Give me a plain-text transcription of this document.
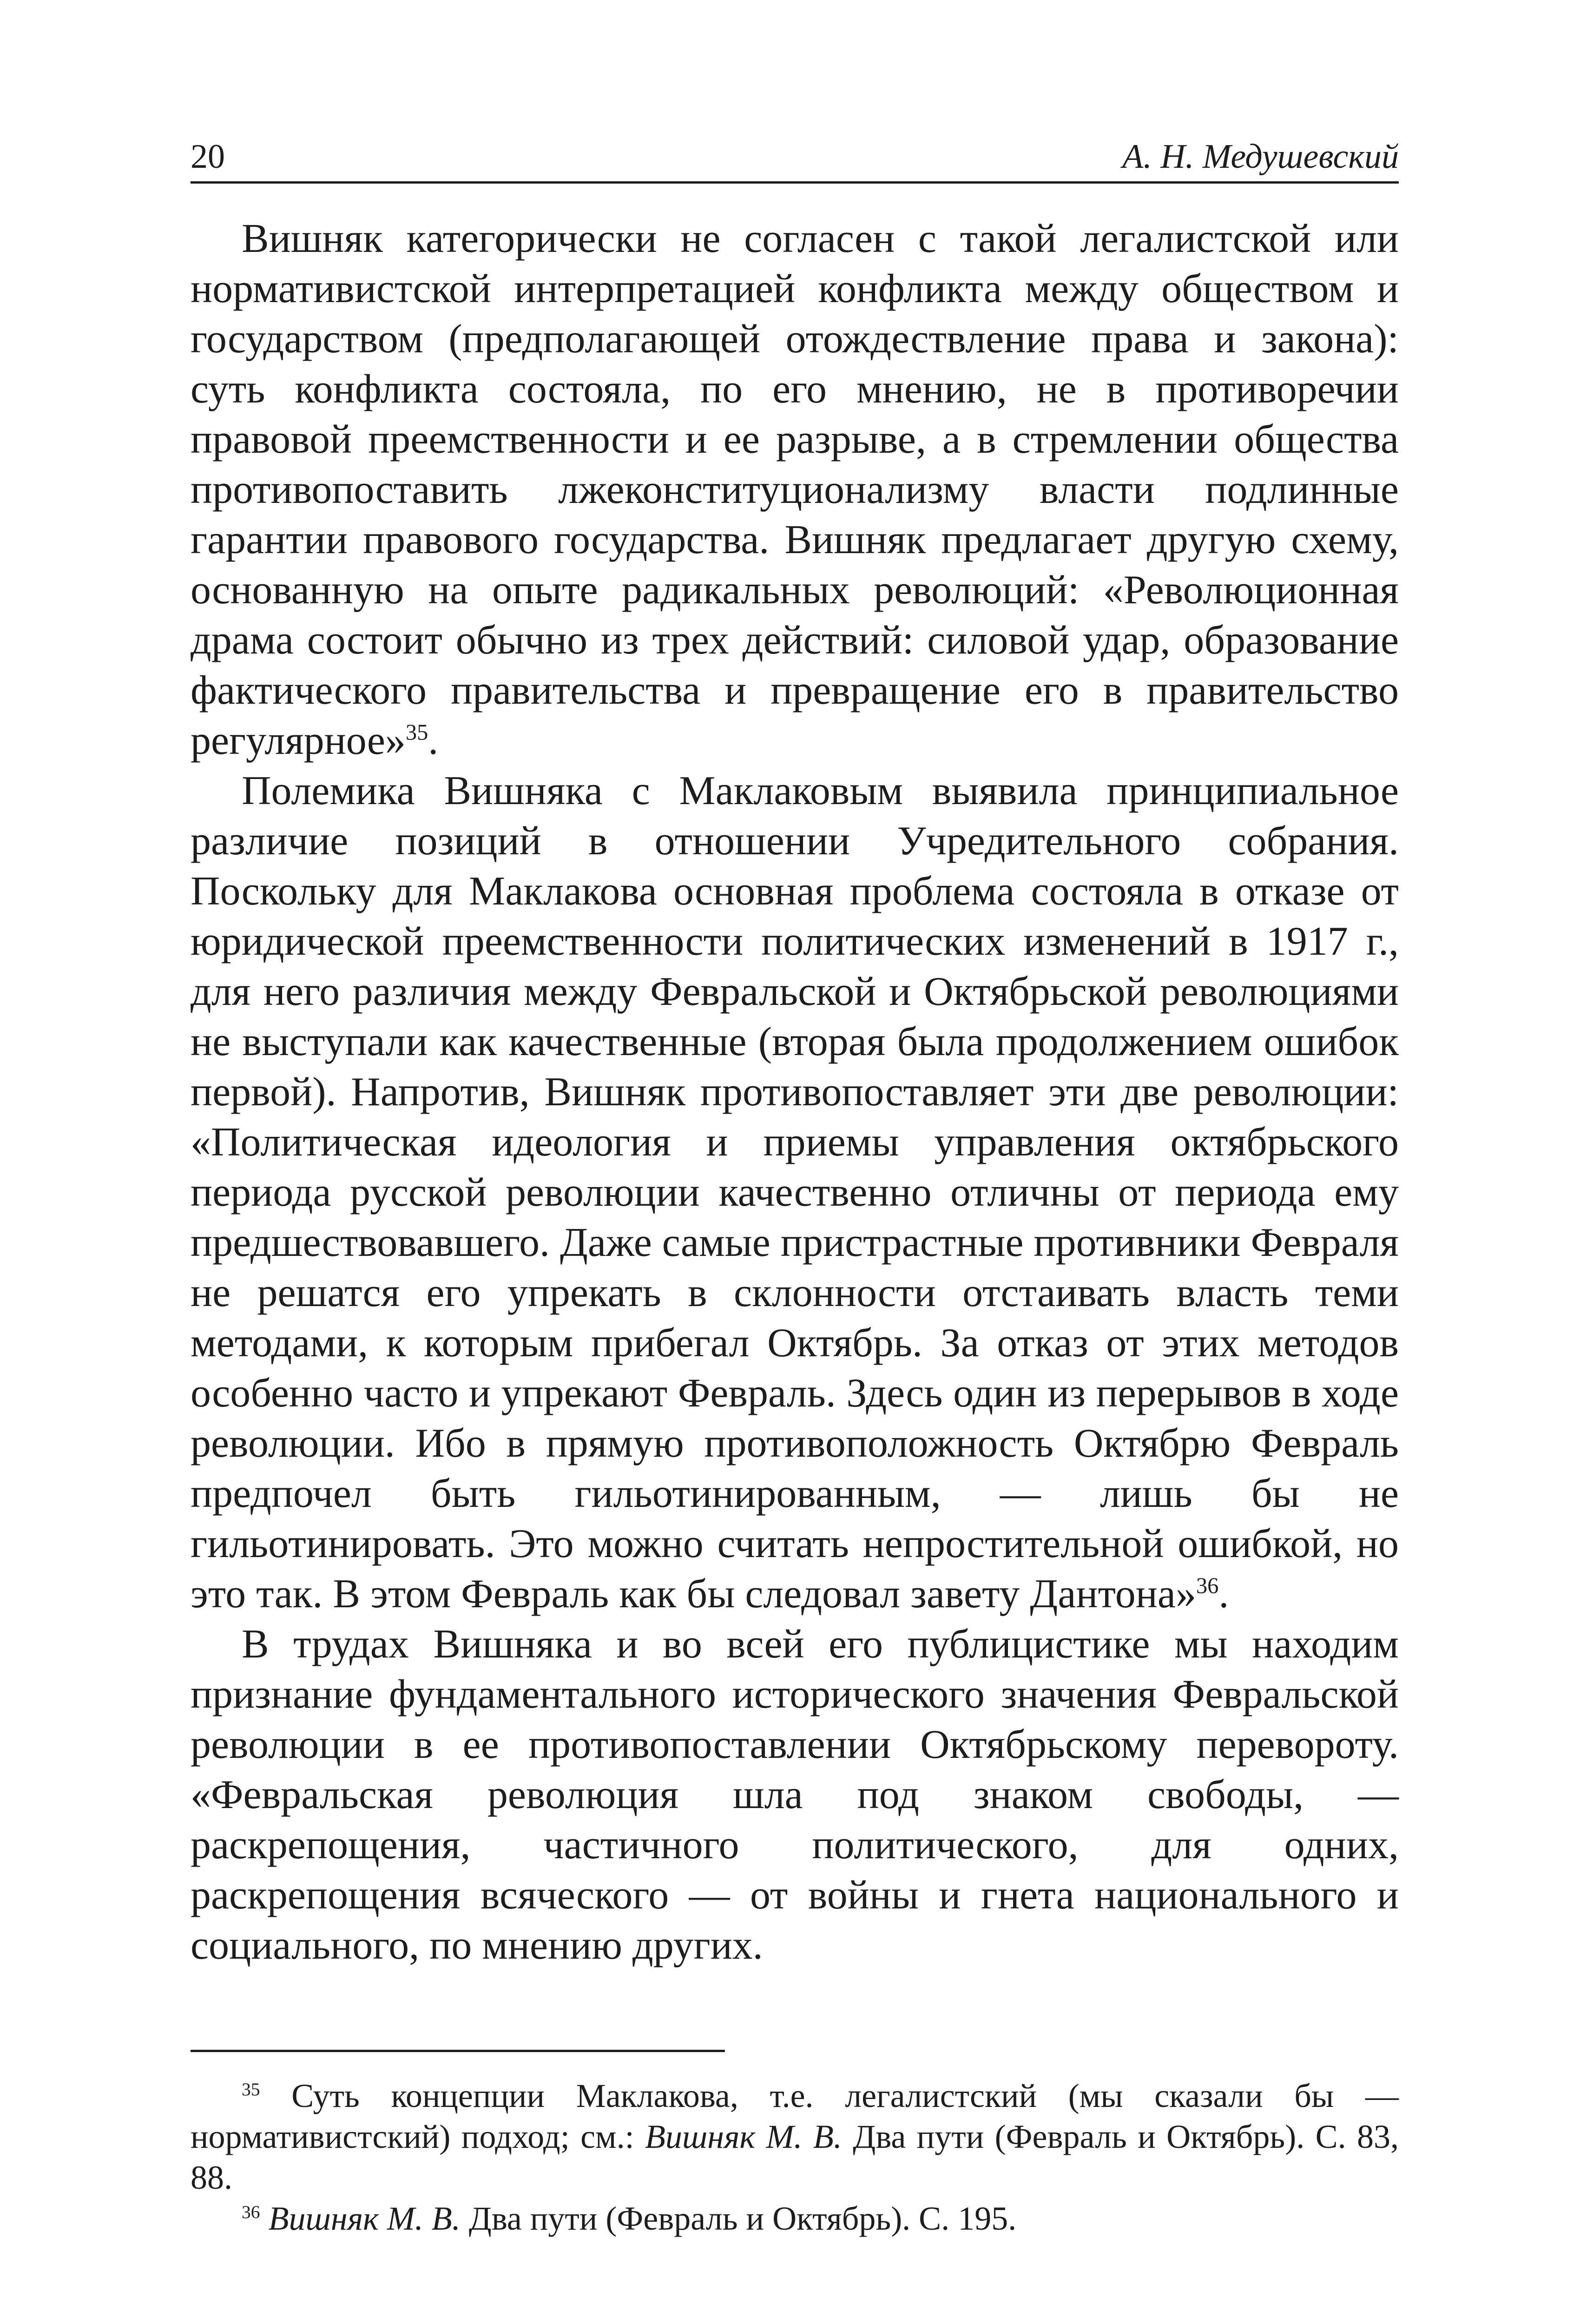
20	А. Н. Медушевский

Вишняк категорически не согласен с такой легалистской или нормативистской интерпретацией конфликта между обществом и государством (предполагающей отождествление права и закона): суть конфликта состояла, по его мнению, не в противоречии правовой преемственности и ее разрыве, а в стремлении общества противопоставить лжеконституционализму власти подлинные гарантии правового государства. Вишняк предлагает другую схему, основанную на опыте радикальных революций: «Революционная драма состоит обычно из трех действий: силовой удар, образование фактического правительства и превращение его в правительство регулярное»$^{35}$.

Полемика Вишняка с Маклаковым выявила принципиальное различие позиций в отношении Учредительного собрания. Поскольку для Маклакова основная проблема состояла в отказе от юридической преемственности политических изменений в 1917 г., для него различия между Февральской и Октябрьской революциями не выступали как качественные (вторая была продолжением ошибок первой). Напротив, Вишняк противопоставляет эти две революции: «Политическая идеология и приемы управления октябрьского периода русской революции качественно отличны от периода ему предшествовавшего. Даже самые пристрастные противники Февраля не решатся его упрекать в склонности отстаивать власть теми методами, к которым прибегал Октябрь. За отказ от этих методов особенно часто и упрекают Февраль. Здесь один из перерывов в ходе революции. Ибо в прямую противоположность Октябрю Февраль предпочел быть гильотинированным, — лишь бы не гильотинировать. Это можно считать непростительной ошибкой, но это так. В этом Февраль как бы следовал завету Дантона»$^{36}$.

В трудах Вишняка и во всей его публицистике мы находим признание фундаментального исторического значения Февральской революции в ее противопоставлении Октябрьскому перевороту. «Февральская революция шла под знаком свободы, — раскрепощения, частичного политического, для одних, раскрепощения всяческого — от войны и гнета национального и социального, по мнению других.

$^{35}$ Суть концепции Маклакова, т.е. легалистский (мы сказали бы — нормативистский) подход; см.: Вишняк М. В. Два пути (Февраль и Октябрь). С. 83, 88.

$^{36}$ Вишняк М. В. Два пути (Февраль и Октябрь). С. 195.
